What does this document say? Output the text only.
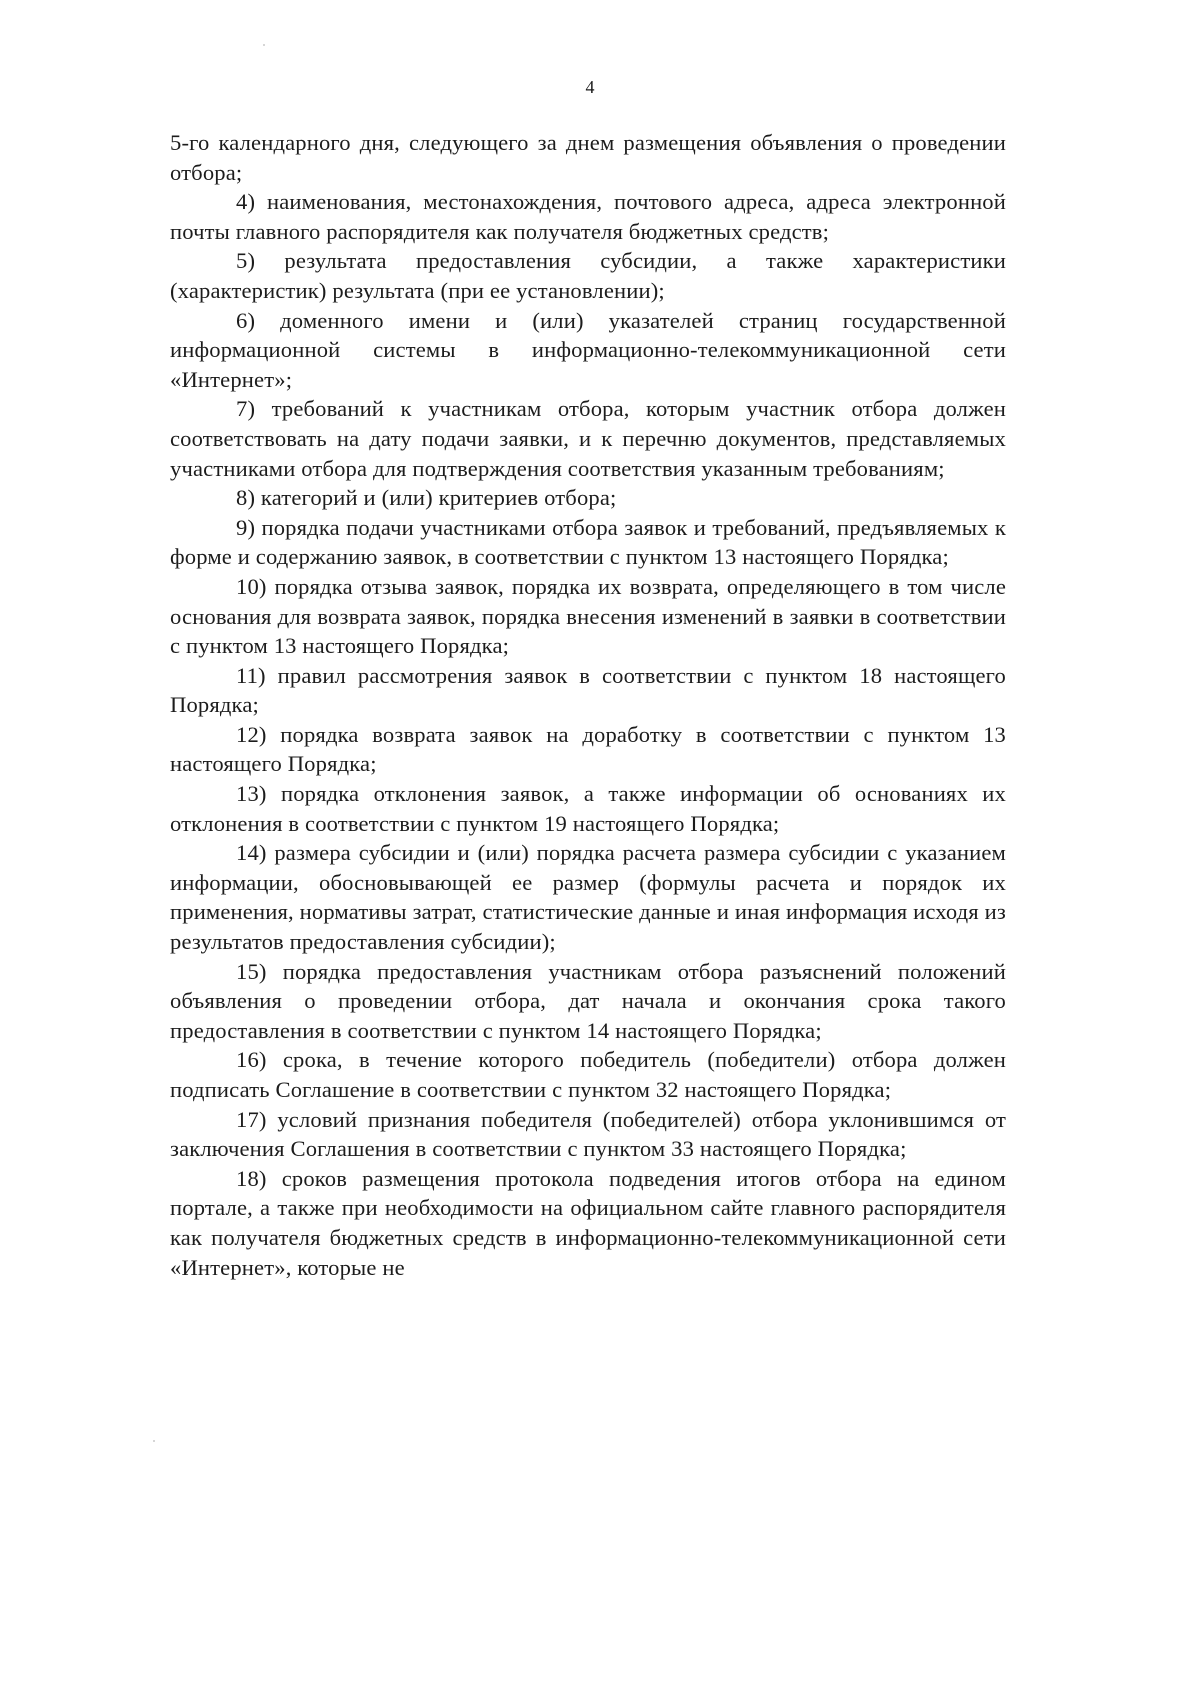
4

5-го календарного дня, следующего за днем размещения объявления о проведении отбора;

4) наименования, местонахождения, почтового адреса, адреса электронной почты главного распорядителя как получателя бюджетных средств;

5) результата предоставления субсидии, а также характеристики (характеристик) результата (при ее установлении);

6) доменного имени и (или) указателей страниц государственной информационной системы в информационно-телекоммуникационной сети «Интернет»;

7) требований к участникам отбора, которым участник отбора должен соответствовать на дату подачи заявки, и к перечню документов, представляемых участниками отбора для подтверждения соответствия указанным требованиям;

8) категорий и (или) критериев отбора;

9) порядка подачи участниками отбора заявок и требований, предъявляемых к форме и содержанию заявок, в соответствии с пунктом 13 настоящего Порядка;

10) порядка отзыва заявок, порядка их возврата, определяющего в том числе основания для возврата заявок, порядка внесения изменений в заявки в соответствии с пунктом 13 настоящего Порядка;

11) правил рассмотрения заявок в соответствии с пунктом 18 настоящего Порядка;

12) порядка возврата заявок на доработку в соответствии с пунктом 13 настоящего Порядка;

13) порядка отклонения заявок, а также информации об основаниях их отклонения в соответствии с пунктом 19 настоящего Порядка;

14) размера субсидии и (или) порядка расчета размера субсидии с указанием информации, обосновывающей ее размер (формулы расчета и порядок их применения, нормативы затрат, статистические данные и иная информация исходя из результатов предоставления субсидии);

15) порядка предоставления участникам отбора разъяснений положений объявления о проведении отбора, дат начала и окончания срока такого предоставления в соответствии с пунктом 14 настоящего Порядка;

16) срока, в течение которого победитель (победители) отбора должен подписать Соглашение в соответствии с пунктом 32 настоящего Порядка;

17) условий признания победителя (победителей) отбора уклонившимся от заключения Соглашения в соответствии с пунктом 33 настоящего Порядка;

18) сроков размещения протокола подведения итогов отбора на едином портале, а также при необходимости на официальном сайте главного распорядителя как получателя бюджетных средств в информационно-телекоммуникационной сети «Интернет», которые не
